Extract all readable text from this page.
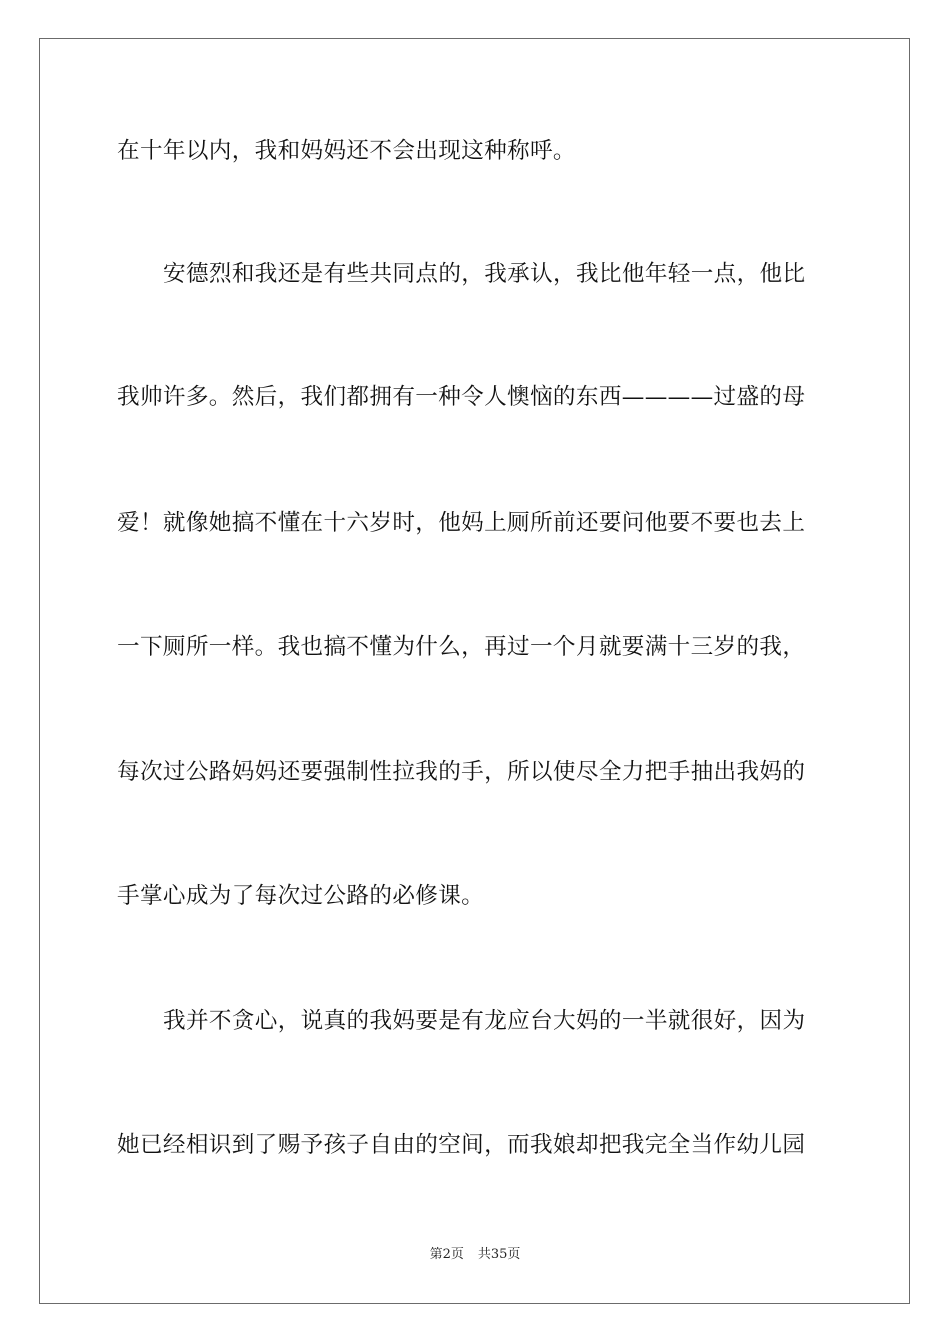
在十年以内，我和妈妈还不会出现这种称呼。
安德烈和我还是有些共同点的，我承认，我比他年轻一点，他比
我帅许多。然后，我们都拥有一种令人懊恼的东西————过盛的母
爱！就像她搞不懂在十六岁时，他妈上厕所前还要问他要不要也去上
一下厕所一样。我也搞不懂为什么，再过一个月就要满十三岁的我，
每次过公路妈妈还要强制性拉我的手，所以使尽全力把手抽出我妈的
手掌心成为了每次过公路的必修课。
我并不贪心，说真的我妈要是有龙应台大妈的一半就很好，因为
她已经相识到了赐予孩子自由的空间，而我娘却把我完全当作幼儿园
第2页 共35页
